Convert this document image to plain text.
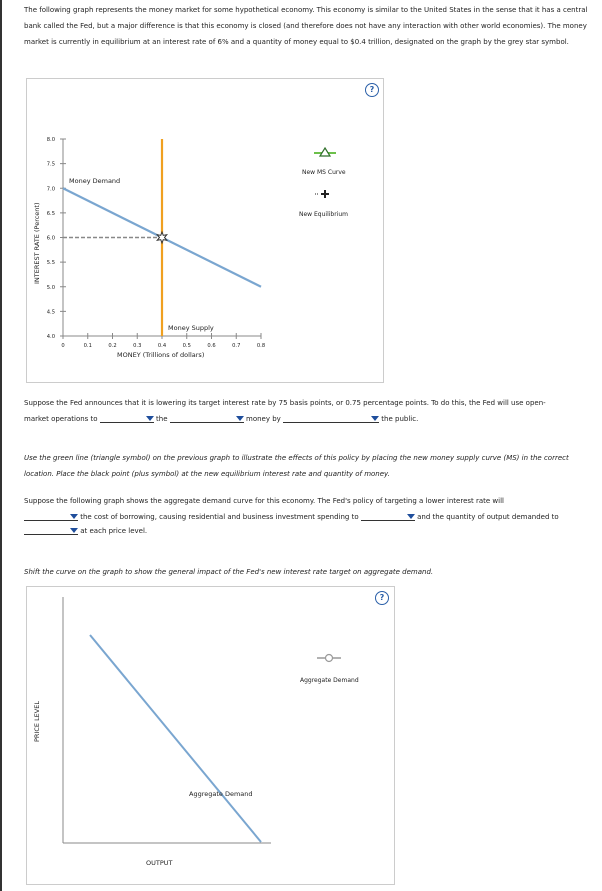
The following graph represents the money market for some hypothetical economy. This economy is similar to the United States in the sense that it has a central bank called the Fed, but a major difference is that this economy is closed (and therefore does not have any interaction with other world economies). The money market is currently in equilibrium at an interest rate of 6% and a quantity of money equal to $0.4 trillion, designated on the graph by the grey star symbol.
?
INTEREST RATE (Percent)
8.0
7.5
7.0
6.5
6.0
5.5
5.0
4.5
4.0
0	0.1	0.2	0.3	0.4	0.5	0.6	0.7	0.8
Money Demand
Money Supply
MONEY (Trillions of dollars)
New MS Curve
New Equilibrium
Suppose the Fed announces that it is lowering its target interest rate by 75 basis points, or 0.75 percentage points. To do this, the Fed will use open-
market operations to	the	money by	the public.
Use the green line (triangle symbol) on the previous graph to illustrate the effects of this policy by placing the new money supply curve (MS) in the correct location. Place the black point (plus symbol) at the new equilibrium interest rate and quantity of money.
Suppose the following graph shows the aggregate demand curve for this economy. The Fed's policy of targeting a lower interest rate will
the cost of borrowing, causing residential and business investment spending to	and the quantity of output demanded to
at each price level.
Shift the curve on the graph to show the general impact of the Fed's new interest rate target on aggregate demand.
?
PRICE LEVEL
Aggregate Demand
OUTPUT
Aggregate Demand
